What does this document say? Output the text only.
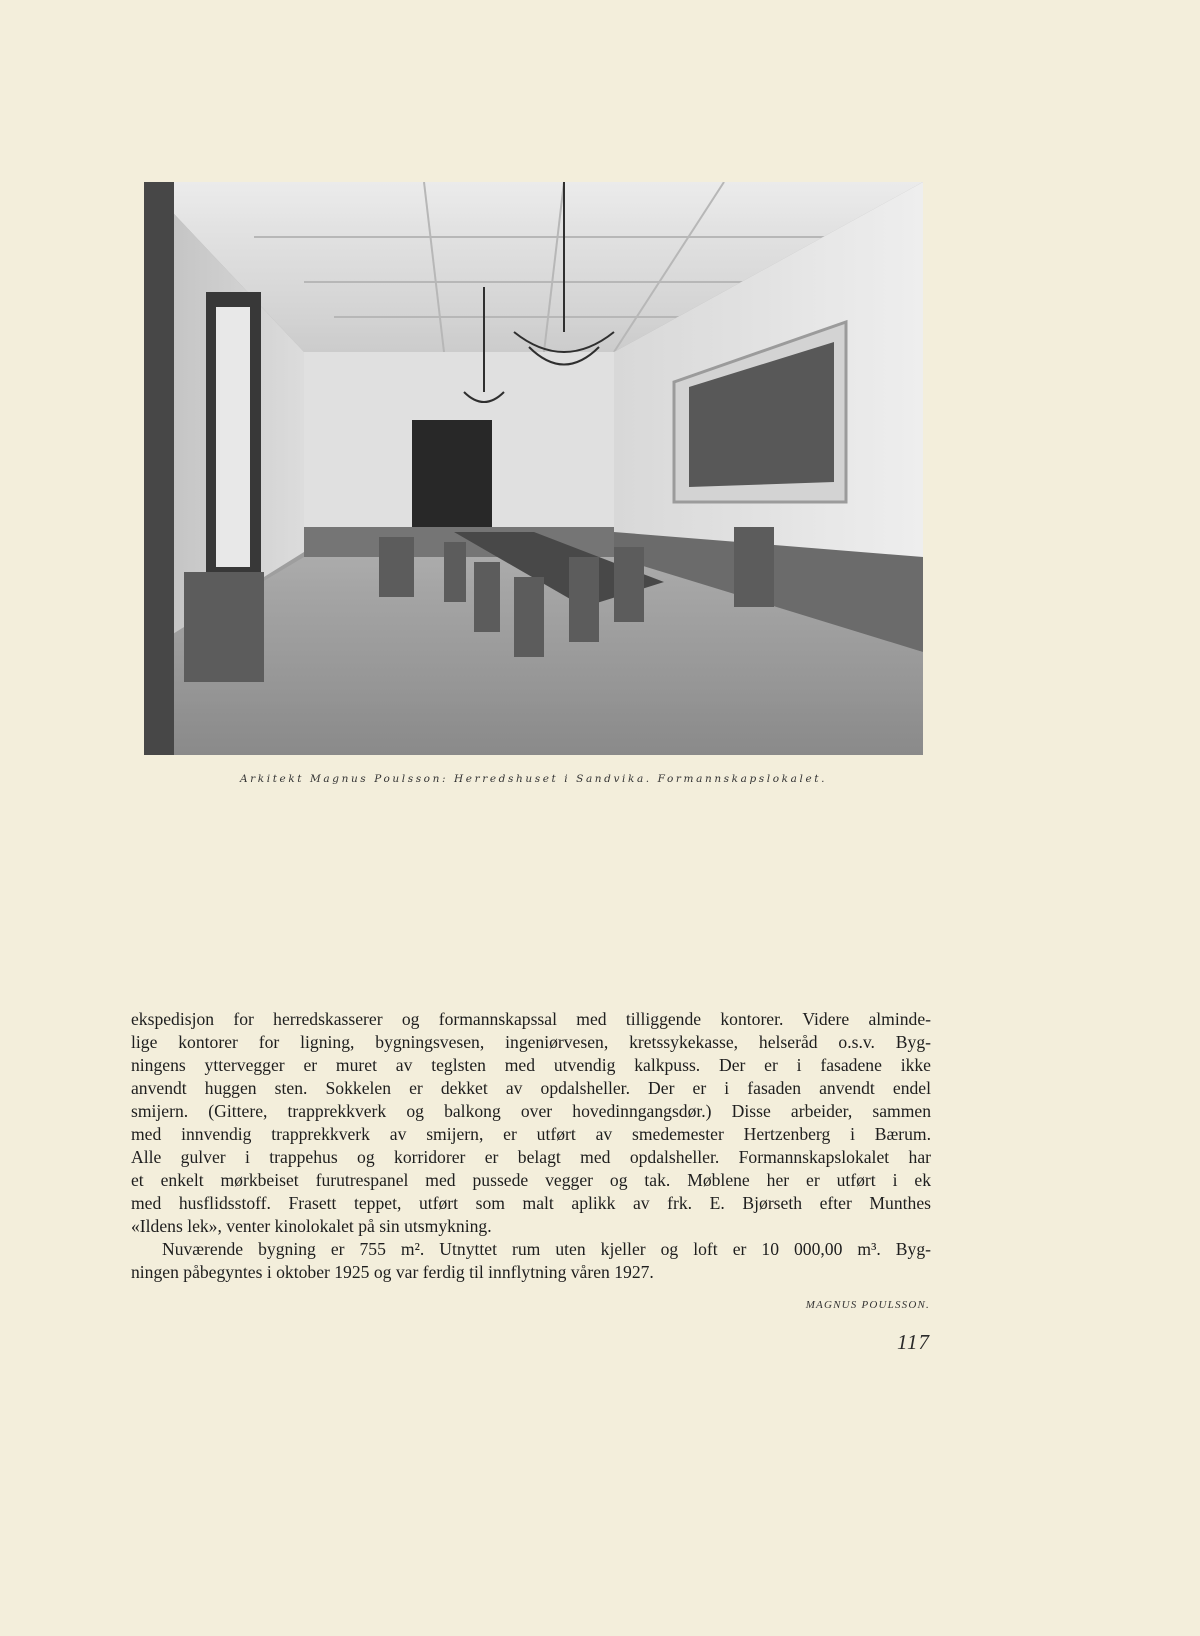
Arkitekt Magnus Poulsson: Herredshuset i Sandvika. Formannskapslokalet.
ekspedisjon for herredskasserer og formannskapssal med tilliggende kontorer. Videre alminde-
lige kontorer for ligning, bygningsvesen, ingeniørvesen, kretssykekasse, helseråd o.s.v. Byg-
ningens yttervegger er muret av teglsten med utvendig kalkpuss. Der er i fasadene ikke
anvendt huggen sten. Sokkelen er dekket av opdalsheller. Der er i fasaden anvendt endel
smijern. (Gittere, trapprekkverk og balkong over hovedinngangsdør.) Disse arbeider, sammen
med innvendig trapprekkverk av smijern, er utført av smedemester Hertzenberg i Bærum.
Alle gulver i trappehus og korridorer er belagt med opdalsheller. Formannskapslokalet har
et enkelt mørkbeiset furutrespanel med pussede vegger og tak. Møblene her er utført i ek
med husflidsstoff. Frasett teppet, utført som malt aplikk av frk. E. Bjørseth efter Munthes
«Ildens lek», venter kinolokalet på sin utsmykning.
Nuværende bygning er 755 m². Utnyttet rum uten kjeller og loft er 10 000,00 m³. Byg-
ningen påbegyntes i oktober 1925 og var ferdig til innflytning våren 1927.
MAGNUS POULSSON.
117
